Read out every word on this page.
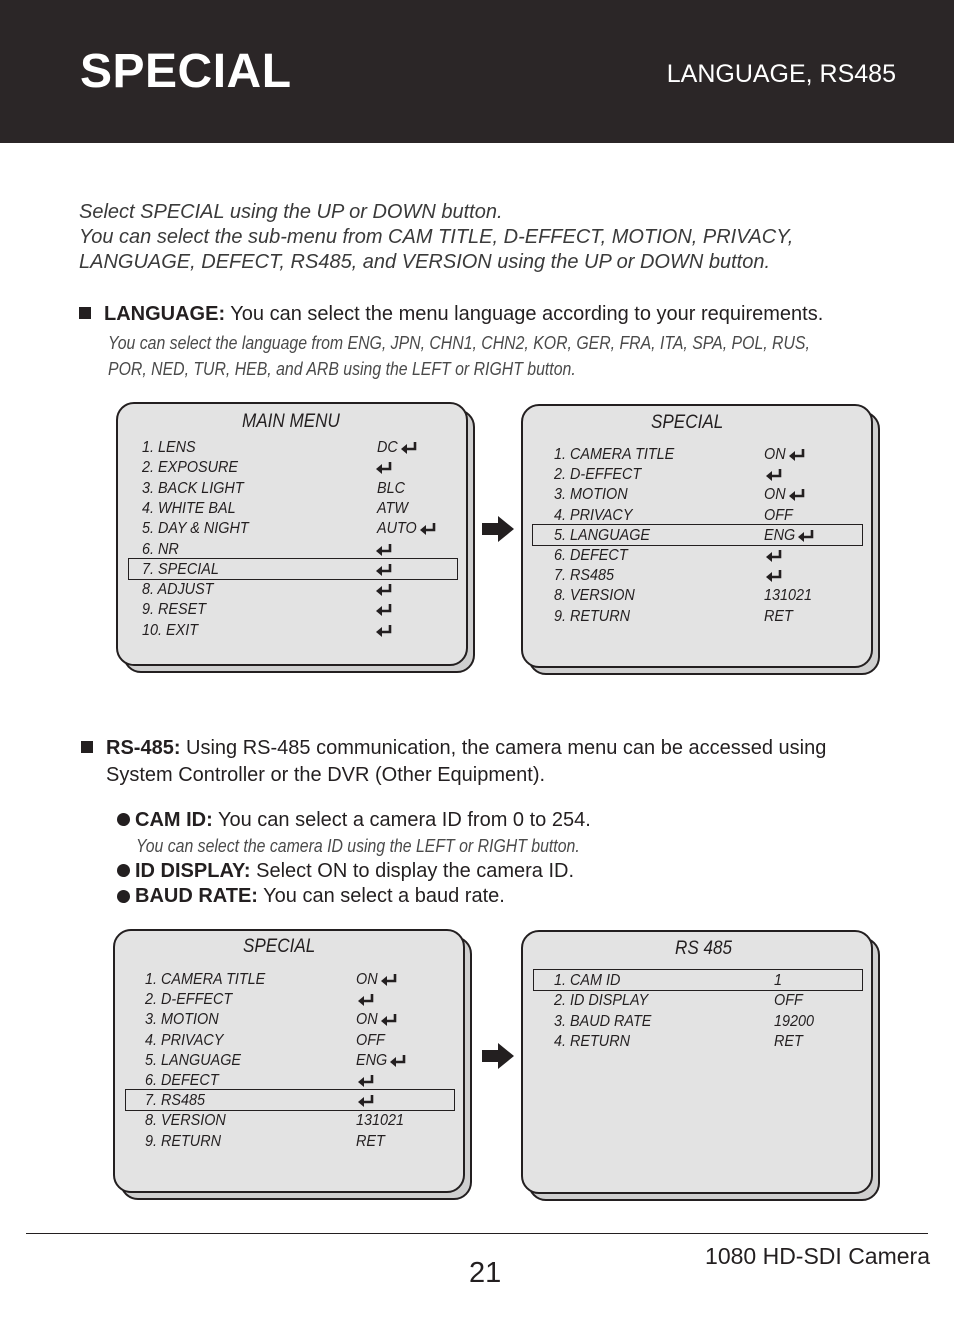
SPECIAL	LANGUAGE, RS485
Select SPECIAL using the UP or DOWN button.
You can select the sub-menu from CAM TITLE, D-EFFECT, MOTION, PRIVACY,
LANGUAGE, DEFECT, RS485, and VERSION using the UP or DOWN button.
LANGUAGE: You can select the menu language according to your requirements.
You can select the language from ENG, JPN, CHN1, CHN2, KOR, GER, FRA, ITA, SPA, POL, RUS,
POR, NED, TUR, HEB, and ARB using the LEFT or RIGHT button.
MAIN MENU
1. LENS	DC
2. EXPOSURE
3. BACK LIGHT	BLC
4. WHITE BAL	ATW
5. DAY & NIGHT	AUTO
6. NR
7. SPECIAL
8. ADJUST
9. RESET
10. EXIT
SPECIAL
1. CAMERA TITLE	ON
2. D-EFFECT
3. MOTION	ON
4. PRIVACY	OFF
5. LANGUAGE	ENG
6. DEFECT
7. RS485
8. VERSION	131021
9. RETURN	RET
RS-485: Using RS-485 communication, the camera menu can be accessed using
System Controller or the DVR (Other Equipment).
CAM ID: You can select a camera ID from 0 to 254.
You can select the camera ID using the LEFT or RIGHT button.
ID DISPLAY: Select ON to display the camera ID.
BAUD RATE: You can select a baud rate.
SPECIAL
1. CAMERA TITLE	ON
2. D-EFFECT
3. MOTION	ON
4. PRIVACY	OFF
5. LANGUAGE	ENG
6. DEFECT
7. RS485
8. VERSION	131021
9. RETURN	RET
RS 485
1. CAM ID	1
2. ID DISPLAY	OFF
3. BAUD RATE	19200
4. RETURN	RET
21
1080 HD-SDI Camera
